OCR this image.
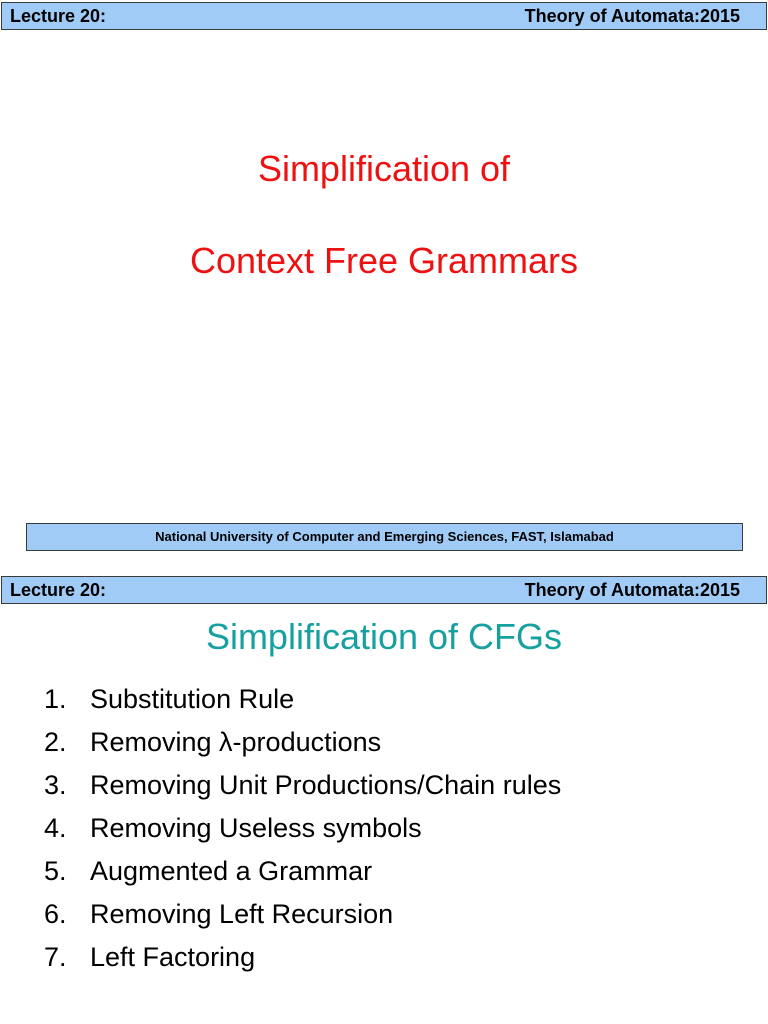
Lecture 20:	Theory of Automata:2015
Simplification of
Context Free Grammars
National University of Computer and Emerging Sciences, FAST, Islamabad
Lecture 20:	Theory of Automata:2015
Simplification of CFGs
1. Substitution Rule
2. Removing λ-productions
3. Removing Unit Productions/Chain rules
4. Removing Useless symbols
5. Augmented a Grammar
6. Removing Left Recursion
7. Left Factoring
